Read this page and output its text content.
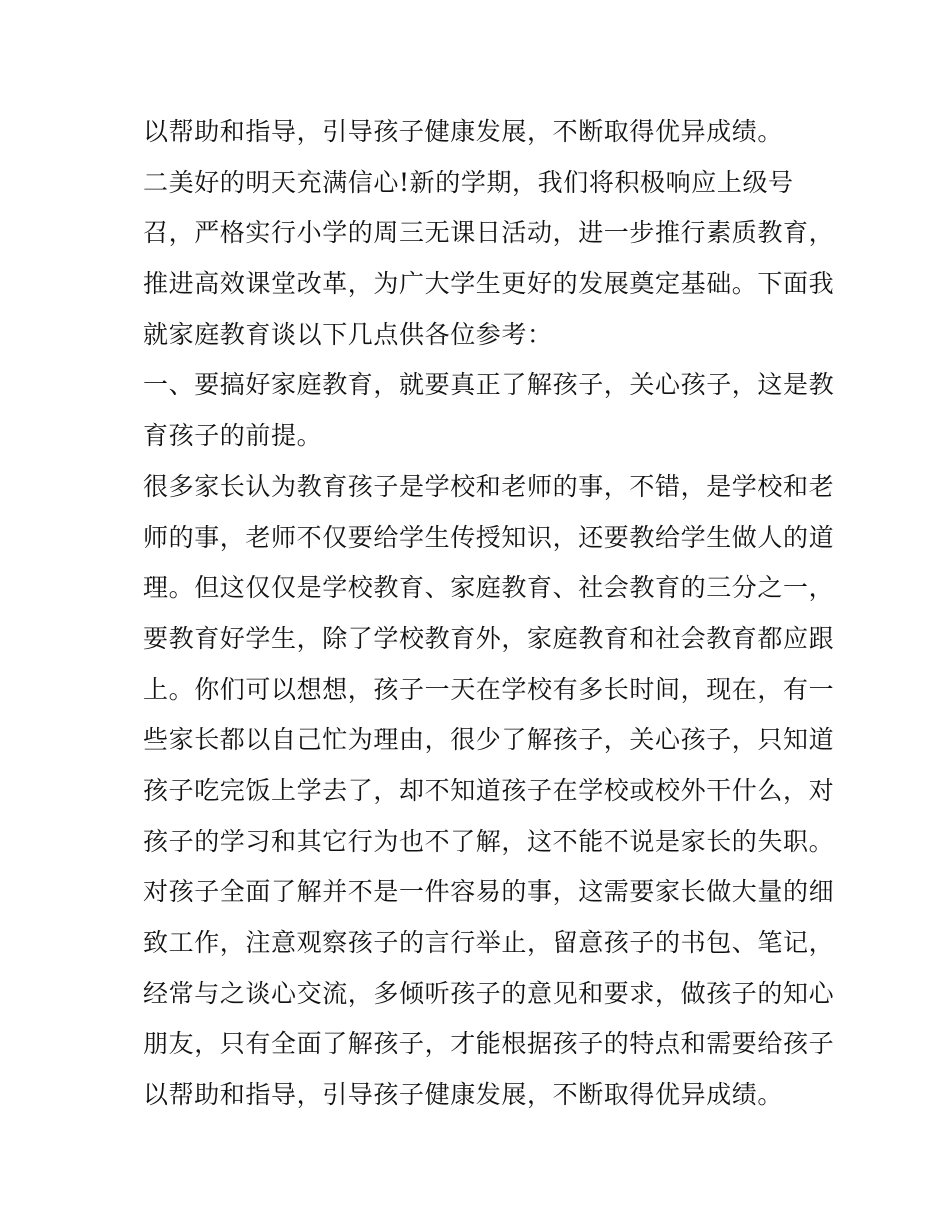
以帮助和指导，引导孩子健康发展，不断取得优异成绩。
二美好的明天充满信心!新的学期，我们将积极响应上级号
召，严格实行小学的周三无课日活动，进一步推行素质教育，
推进高效课堂改革，为广大学生更好的发展奠定基础。下面我
就家庭教育谈以下几点供各位参考：
一、要搞好家庭教育，就要真正了解孩子，关心孩子，这是教
育孩子的前提。
很多家长认为教育孩子是学校和老师的事，不错，是学校和老
师的事，老师不仅要给学生传授知识，还要教给学生做人的道
理。但这仅仅是学校教育、家庭教育、社会教育的三分之一，
要教育好学生，除了学校教育外，家庭教育和社会教育都应跟
上。你们可以想想，孩子一天在学校有多长时间，现在，有一
些家长都以自己忙为理由，很少了解孩子，关心孩子，只知道
孩子吃完饭上学去了，却不知道孩子在学校或校外干什么，对
孩子的学习和其它行为也不了解，这不能不说是家长的失职。
对孩子全面了解并不是一件容易的事，这需要家长做大量的细
致工作，注意观察孩子的言行举止，留意孩子的书包、笔记，
经常与之谈心交流，多倾听孩子的意见和要求，做孩子的知心
朋友，只有全面了解孩子，才能根据孩子的特点和需要给孩子
以帮助和指导，引导孩子健康发展，不断取得优异成绩。
